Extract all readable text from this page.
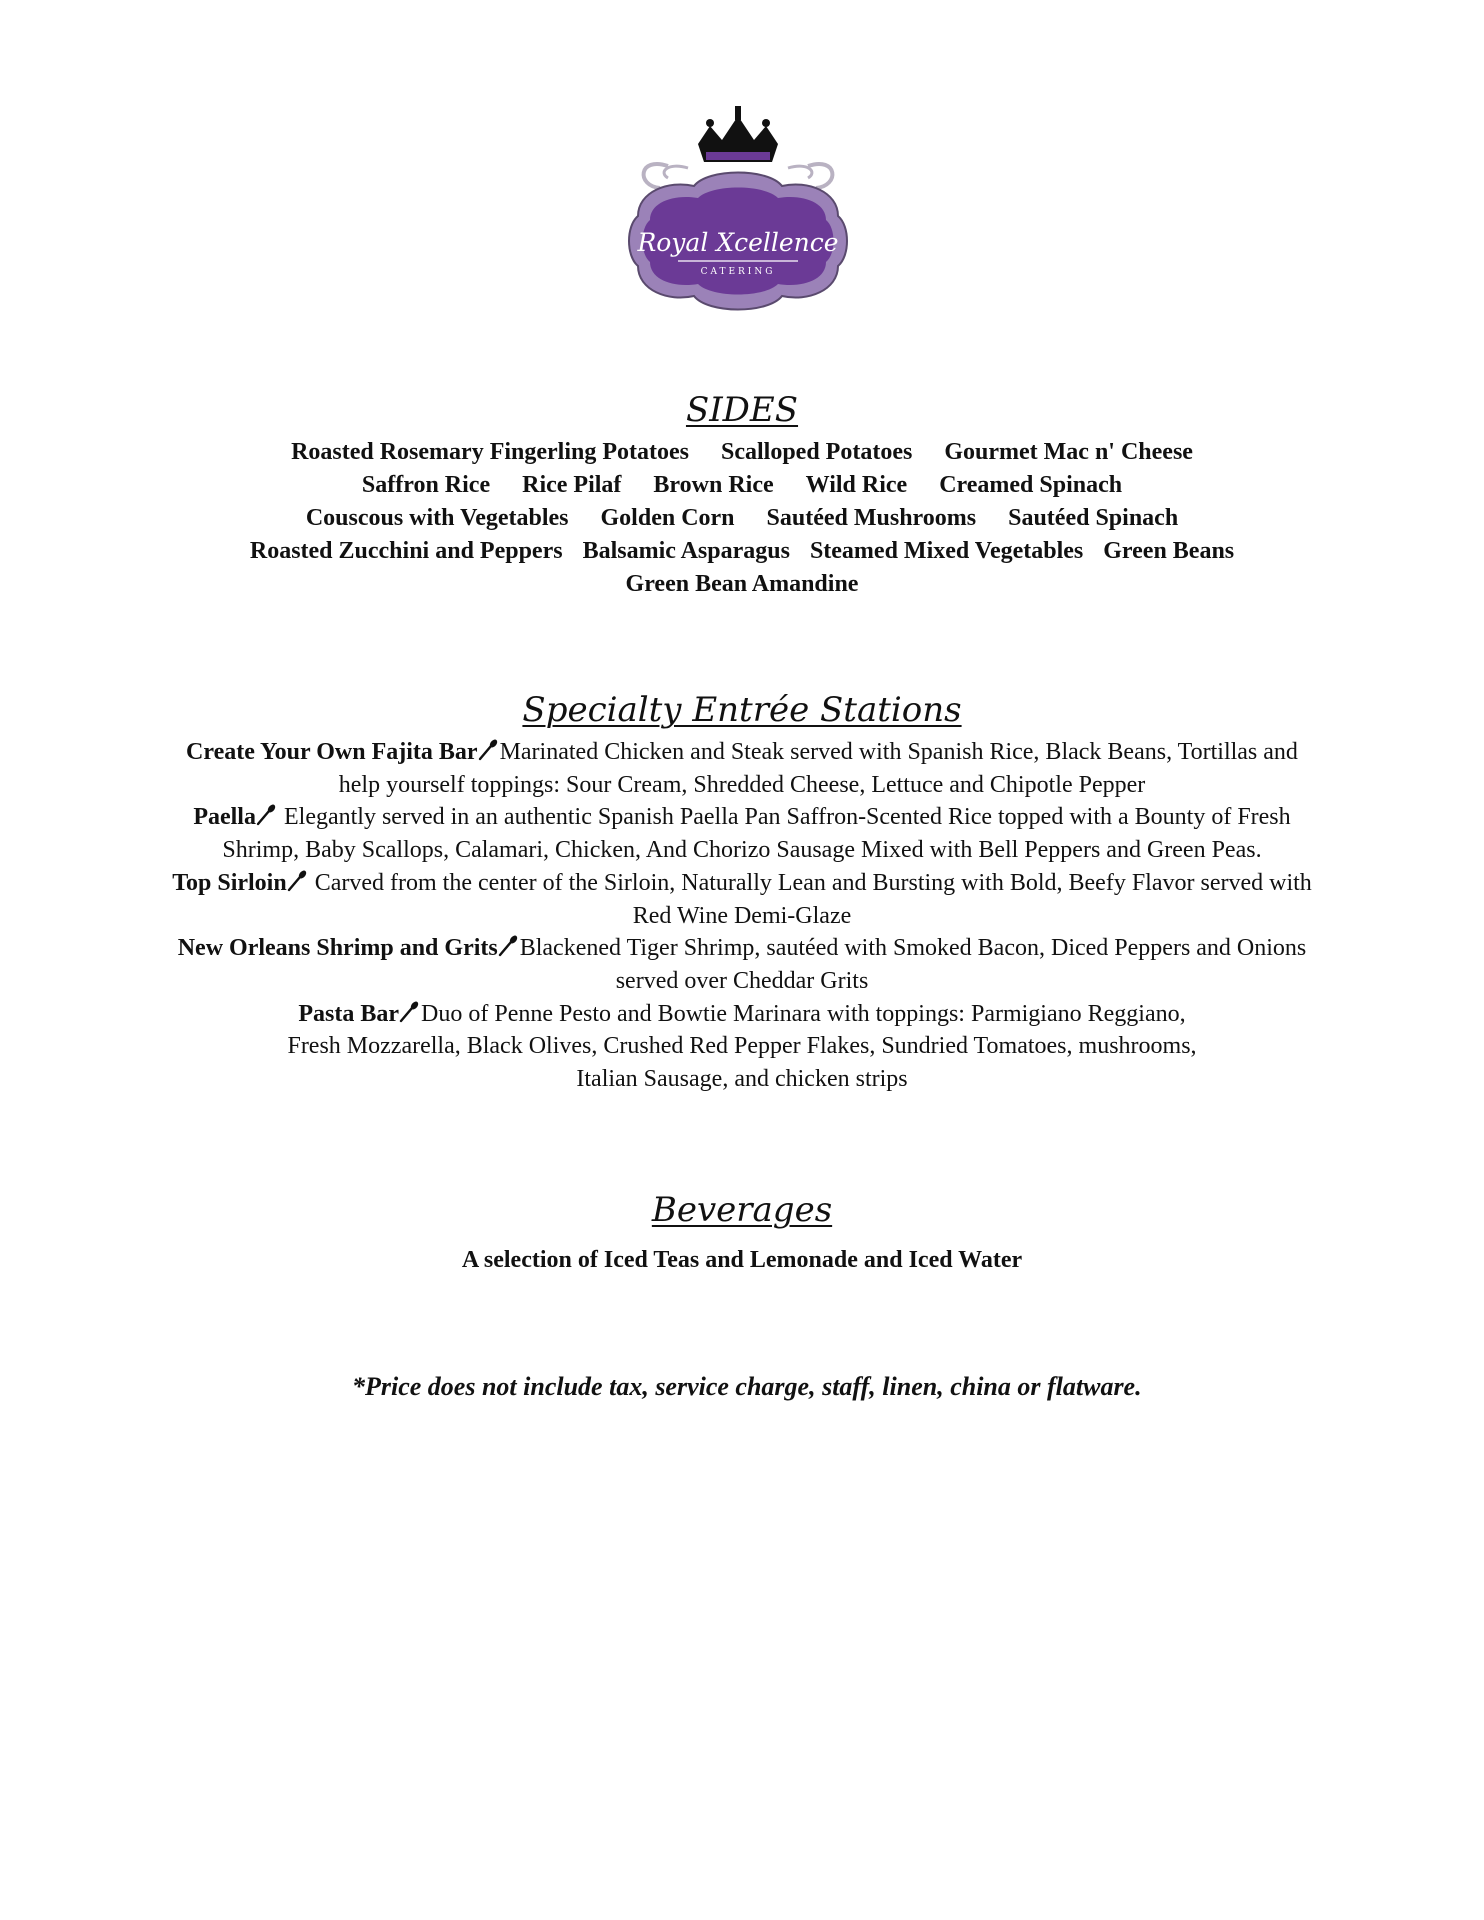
Royal Xcellence
CATERING
SIDES
Roasted Rosemary Fingerling Potatoes Scalloped Potatoes Gourmet Mac n' Cheese
Saffron Rice Rice Pilaf Brown Rice Wild Rice Creamed Spinach
Couscous with Vegetables Golden Corn Sautéed Mushrooms Sautéed Spinach
Roasted Zucchini and Peppers Balsamic Asparagus Steamed Mixed Vegetables Green Beans
Green Bean Amandine
Specialty Entrée Stations

Create Your Own Fajita Bar Marinated Chicken and Steak served with Spanish Rice, Black Beans, Tortillas and help yourself toppings: Sour Cream, Shredded Cheese, Lettuce and Chipotle Pepper

Paella
Elegantly served in an authentic Spanish Paella Pan Saffron-Scented Rice topped with a Bounty of Fresh Shrimp, Baby Scallops, Calamari, Chicken, And Chorizo Sausage Mixed with Bell Peppers and Green Peas.

Top Sirloin
Carved from the center of the Sirloin, Naturally Lean and Bursting with Bold, Beefy Flavor served with Red Wine Demi-Glaze

New Orleans Shrimp and Grits Blackened Tiger Shrimp, sautéed with Smoked Bacon, Diced Peppers and Onions served over Cheddar Grits

Pasta Bar Duo of Penne Pesto and Bowtie Marinara with toppings: Parmigiano Reggiano,
Fresh Mozzarella, Black Olives, Crushed Red Pepper Flakes, Sundried Tomatoes, mushrooms,
Italian Sausage, and chicken strips

Beverages
A selection of Iced Teas and Lemonade and Iced Water
*Price does not include tax, service charge, staff, linen, china or flatware.
